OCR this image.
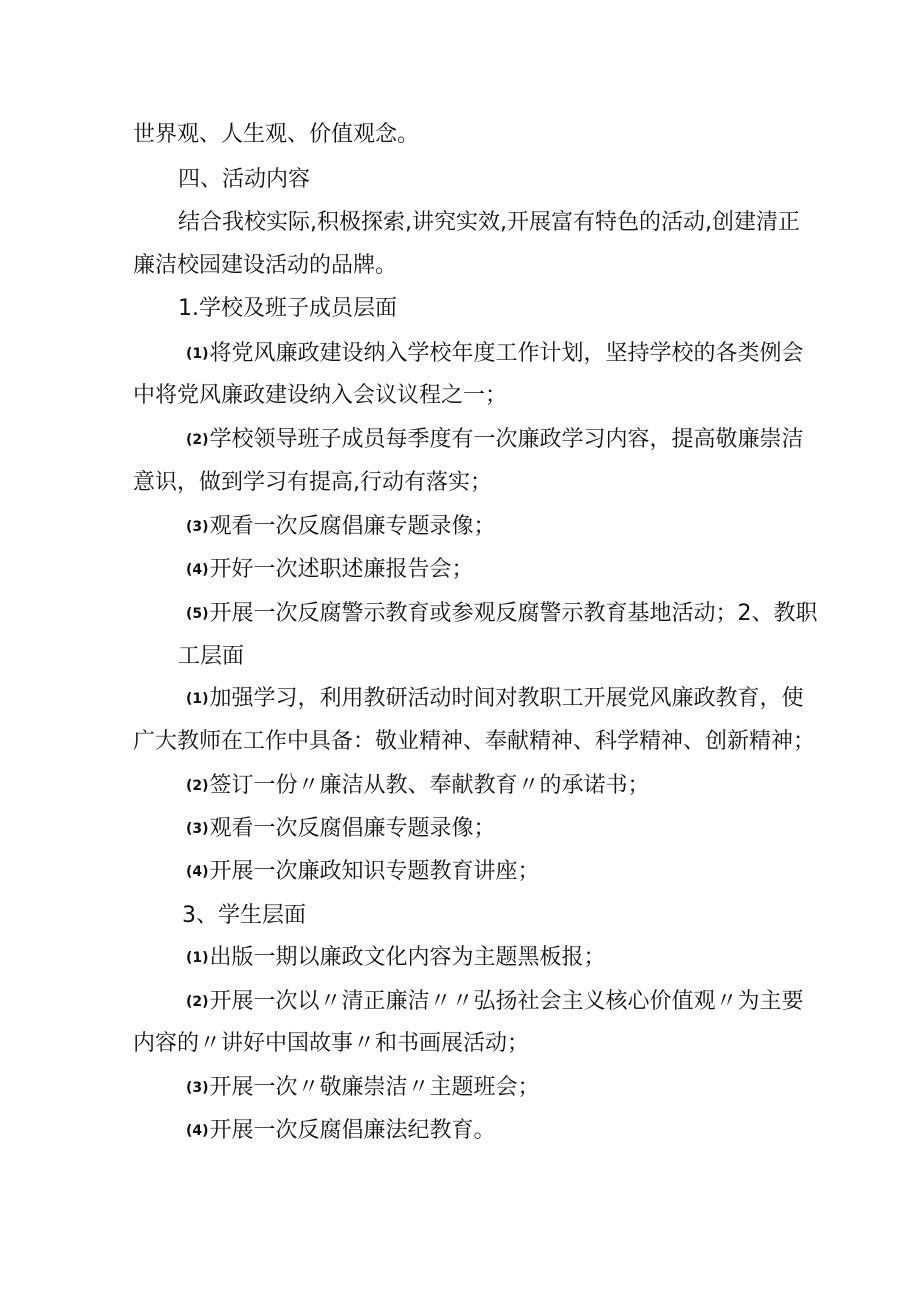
世界观、人生观、价值观念。
四、活动内容
结合我校实际,积极探索,讲究实效,开展富有特色的活动,创建清正
廉洁校园建设活动的品牌。
1.学校及班子成员层面
(1)将党风廉政建设纳入学校年度工作计划，坚持学校的各类例会
中将党风廉政建设纳入会议议程之一；
(2)学校领导班子成员每季度有一次廉政学习内容，提高敬廉崇洁
意识，做到学习有提高,行动有落实；
(3)观看一次反腐倡廉专题录像；
(4)开好一次述职述廉报告会；
(5)开展一次反腐警示教育或参观反腐警示教育基地活动；2、教职
工层面
(1)加强学习，利用教研活动时间对教职工开展党风廉政教育，使
广大教师在工作中具备：敬业精神、奉献精神、科学精神、创新精神；
(2)签订一份〃廉洁从教、奉献教育〃的承诺书；
(3)观看一次反腐倡廉专题录像；
(4)开展一次廉政知识专题教育讲座；
3、学生层面
(1)出版一期以廉政文化内容为主题黑板报；
(2)开展一次以〃清正廉洁〃〃弘扬社会主义核心价值观〃为主要
内容的〃讲好中国故事〃和书画展活动；
(3)开展一次〃敬廉崇洁〃主题班会；
(4)开展一次反腐倡廉法纪教育。
